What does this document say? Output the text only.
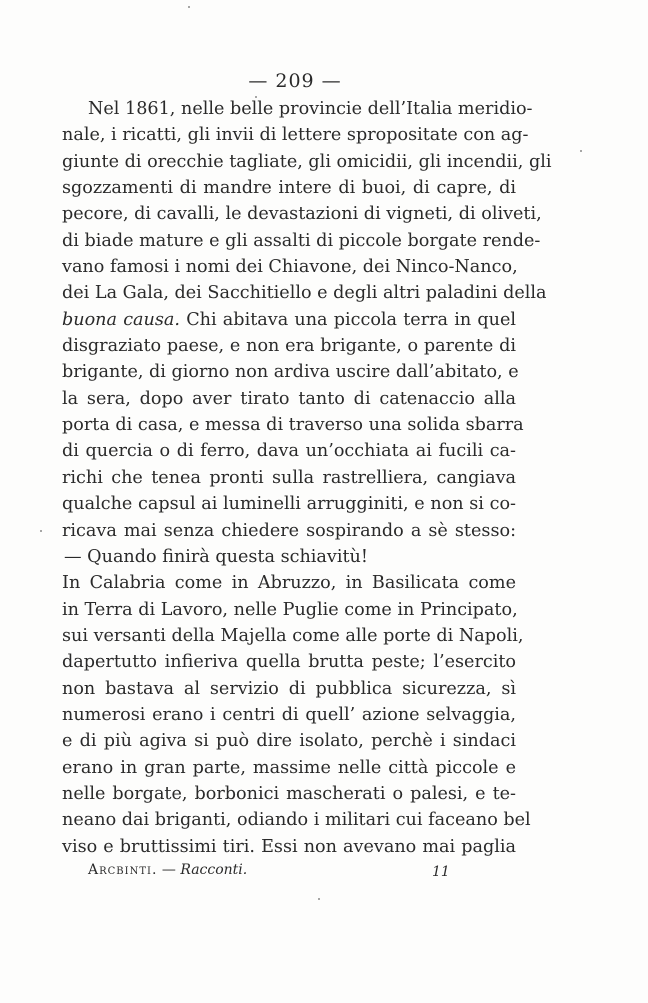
— 209 —
Nel 1861, nelle belle provincie dell’Italia meridio-
nale, i ricatti, gli invii di lettere spropositate con ag-
giunte di orecchie tagliate, gli omicidii, gli incendii, gli
sgozzamenti di mandre intere di buoi, di capre, di
pecore, di cavalli, le devastazioni di vigneti, di oliveti,
di biade mature e gli assalti di piccole borgate rende-
vano famosi i nomi dei Chiavone, dei Ninco-Nanco,
dei La Gala, dei Sacchitiello e degli altri paladini della
buona causa. Chi abitava una piccola terra in quel
disgraziato paese, e non era brigante, o parente di
brigante, di giorno non ardiva uscire dall’abitato, e
la sera, dopo aver tirato tanto di catenaccio alla
porta di casa, e messa di traverso una solida sbarra
di quercia o di ferro, dava un’occhiata ai fucili ca-
richi che tenea pronti sulla rastrelliera, cangiava
qualche capsul ai luminelli arrugginiti, e non si co-
ricava mai senza chiedere sospirando a sè stesso:
— Quando finirà questa schiavitù!
In Calabria come in Abruzzo, in Basilicata come
in Terra di Lavoro, nelle Puglie come in Principato,
sui versanti della Majella come alle porte di Napoli,
dapertutto infieriva quella brutta peste; l’esercito
non bastava al servizio di pubblica sicurezza, sì
numerosi erano i centri di quell’ azione selvaggia,
e di più agiva si può dire isolato, perchè i sindaci
erano in gran parte, massime nelle città piccole e
nelle borgate, borbonici mascherati o palesi, e te-
neano dai briganti, odiando i militari cui faceano bel
viso e bruttissimi tiri. Essi non avevano mai paglia
Arcbinti. — Racconti.	11
